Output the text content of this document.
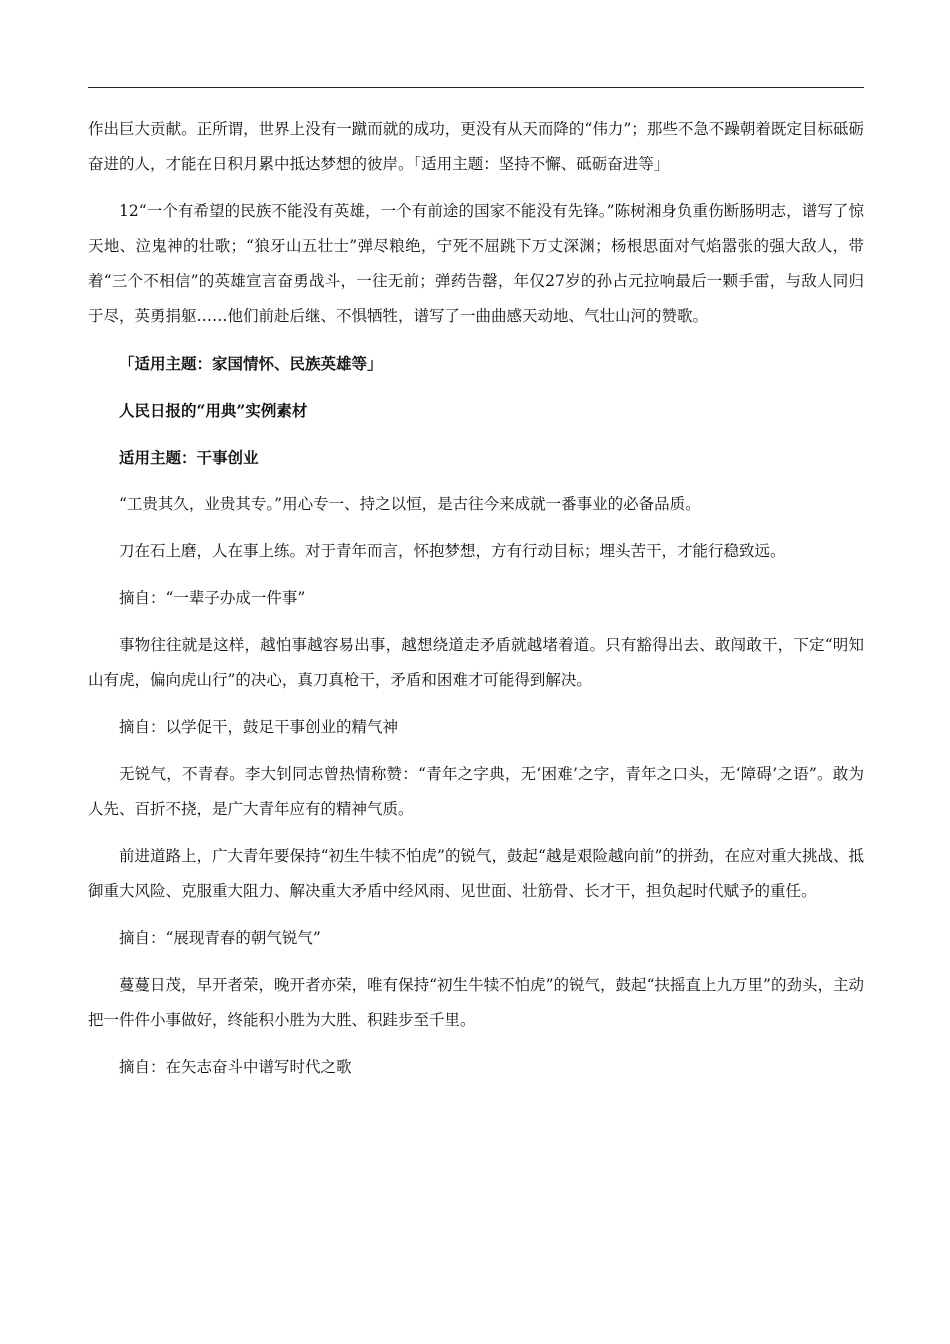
作出巨大贡献。正所谓，世界上没有一蹴而就的成功，更没有从天而降的“伟力”；那些不急不躁朝着既定目标砥砺奋进的人，才能在日积月累中抵达梦想的彼岸。「适用主题：坚持不懈、砥砺奋进等」

12“一个有希望的民族不能没有英雄，一个有前途的国家不能没有先锋。”陈树湘身负重伤断肠明志，谱写了惊天地、泣鬼神的壮歌；“狼牙山五壮士”弹尽粮绝，宁死不屈跳下万丈深渊；杨根思面对气焰嚣张的强大敌人，带着“三个不相信”的英雄宣言奋勇战斗，一往无前；弹药告罄，年仅27岁的孙占元拉响最后一颗手雷，与敌人同归于尽，英勇捐躯……他们前赴后继、不惧牺牲，谱写了一曲曲感天动地、气壮山河的赞歌。

「适用主题：家国情怀、民族英雄等」

人民日报的“用典”实例素材

适用主题：干事创业

“工贵其久，业贵其专。”用心专一、持之以恒，是古往今来成就一番事业的必备品质。

刀在石上磨，人在事上练。对于青年而言，怀抱梦想，方有行动目标；埋头苦干，才能行稳致远。

摘自：“一辈子办成一件事”

事物往往就是这样，越怕事越容易出事，越想绕道走矛盾就越堵着道。只有豁得出去、敢闯敢干，下定“明知山有虎，偏向虎山行”的决心，真刀真枪干，矛盾和困难才可能得到解决。

摘自：以学促干，鼓足干事创业的精气神

无锐气，不青春。李大钊同志曾热情称赞：“青年之字典，无‘困难’之字，青年之口头，无‘障碍’之语”。敢为人先、百折不挠，是广大青年应有的精神气质。

前进道路上，广大青年要保持“初生牛犊不怕虎”的锐气，鼓起“越是艰险越向前”的拼劲，在应对重大挑战、抵御重大风险、克服重大阻力、解决重大矛盾中经风雨、见世面、壮筋骨、长才干，担负起时代赋予的重任。

摘自：“展现青春的朝气锐气”

蔓蔓日茂，早开者荣，晚开者亦荣，唯有保持“初生牛犊不怕虎”的锐气，鼓起“扶摇直上九万里”的劲头，主动把一件件小事做好，终能积小胜为大胜、积跬步至千里。

摘自：在矢志奋斗中谱写时代之歌
